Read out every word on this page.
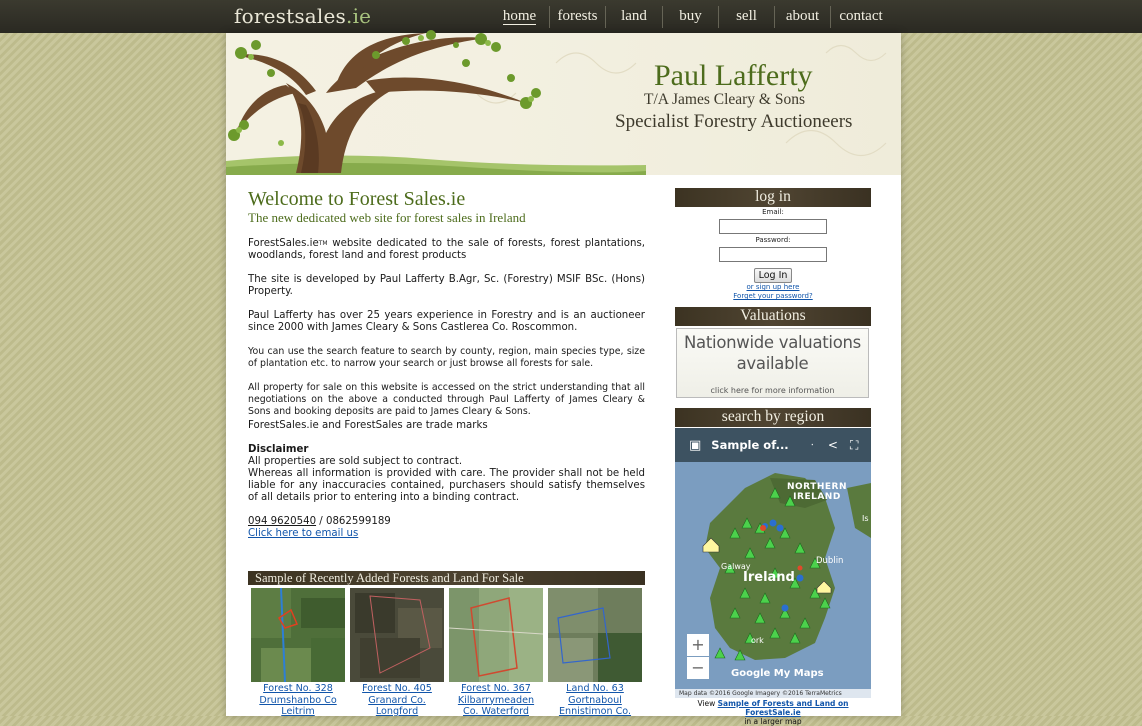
forestsales.ie	home	forests	land	buy	sell	about	contact
Paul Lafferty
T/A James Cleary & Sons
Specialist Forestry Auctioneers
Welcome to Forest Sales.ie
The new dedicated web site for forest sales in Ireland
ForestSales.ie™ website dedicated to the sale of forests, forest plantations, woodlands, forest land and forest products
The site is developed by Paul Lafferty B.Agr, Sc. (Forestry) MSIF BSc. (Hons) Property.
Paul Lafferty has over 25 years experience in Forestry and is an auctioneer since 2000 with James Cleary & Sons Castlerea Co. Roscommon.
You can use the search feature to search by county, region, main species type, size of plantation etc. to narrow your search or just browse all forests for sale.
All property for sale on this website is accessed on the strict understanding that all negotiations on the above a conducted through Paul Lafferty of James Cleary & Sons and booking deposits are paid to James Cleary & Sons.
ForestSales.ie and ForestSales are trade marks
Disclaimer
All properties are sold subject to contract.
Whereas all information is provided with care. The provider shall not be held liable for any inaccuracies contained, purchasers should satisfy themselves of all details prior to entering into a binding contract.
094 9620540 / 0862599189
Click here to email us
Sample of Recently Added Forests and Land For Sale
Forest No. 328
Drumshanbo Co
Leitrim
Forest No. 405
Granard Co.
Longford
Forest No. 367
Kilbarrymeaden
Co. Waterford
Land No. 63
Gortnaboul
Ennistimon Co.
log in
Email:
Password:
Log In
or sign up here
Forget your password?
Valuations
Nationwide valuations available
click here for more information
search by region
▣ Sample of... ⋅ < ⛶
NORTHERN
IRELAND
Is
Dublin
Galway
Ireland
ork
+
−	Google My Maps
Map data ©2016 Google Imagery ©2016 TerraMetrics
View Sample of Forests and Land on ForestSale.ie
in a larger map
